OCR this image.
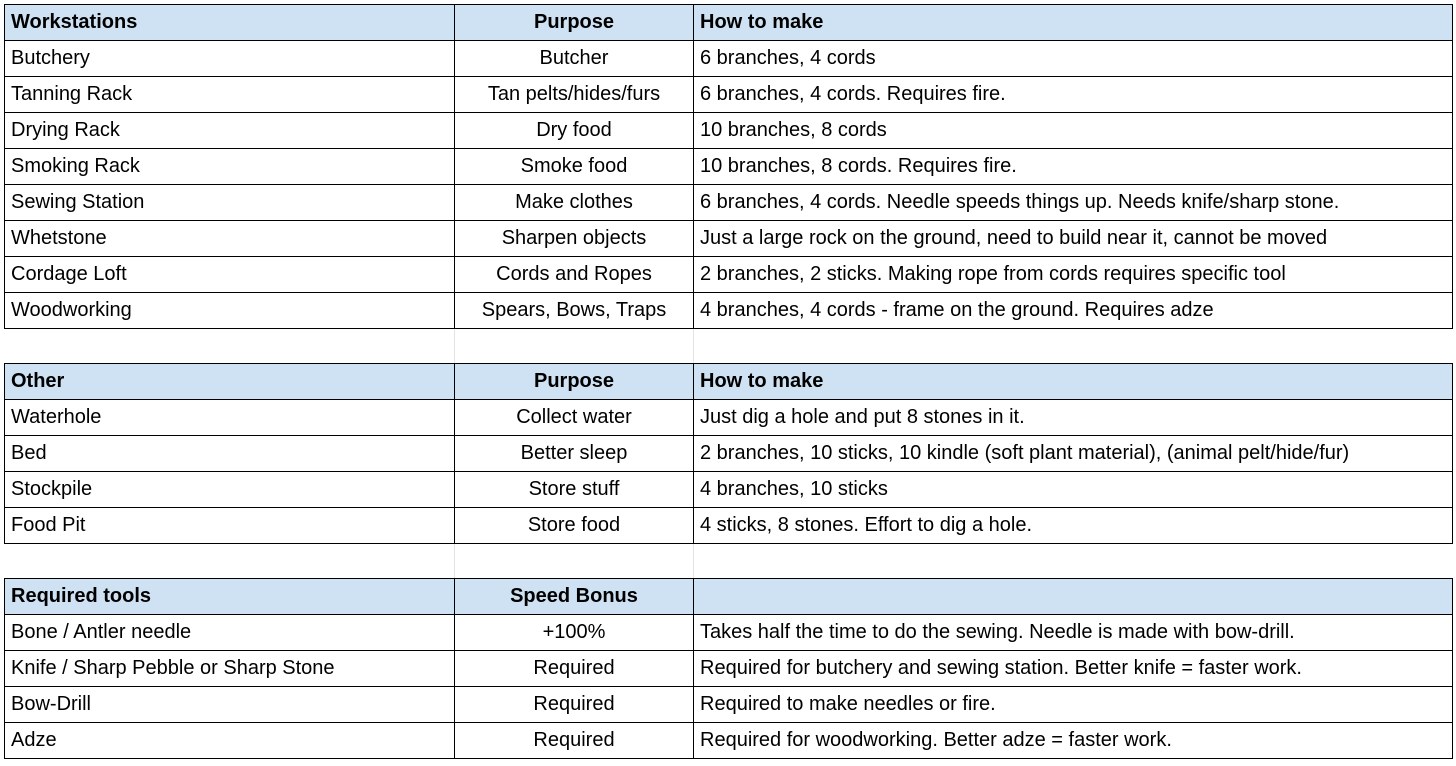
Workstations	Purpose	How to make
Butchery	Butcher	6 branches, 4 cords
Tanning Rack	Tan pelts/hides/furs	6 branches, 4 cords. Requires fire.
Drying Rack	Dry food	10 branches, 8 cords
Smoking Rack	Smoke food	10 branches, 8 cords. Requires fire.
Sewing Station	Make clothes	6 branches, 4 cords. Needle speeds things up. Needs knife/sharp stone.
Whetstone	Sharpen objects	Just a large rock on the ground, need to build near it, cannot be moved
Cordage Loft	Cords and Ropes	2 branches, 2 sticks. Making rope from cords requires specific tool
Woodworking	Spears, Bows, Traps	4 branches, 4 cords - frame on the ground. Requires adze

Other	Purpose	How to make
Waterhole	Collect water	Just dig a hole and put 8 stones in it.
Bed	Better sleep	2 branches, 10 sticks, 10 kindle (soft plant material), (animal pelt/hide/fur)
Stockpile	Store stuff	4 branches, 10 sticks
Food Pit	Store food	4 sticks, 8 stones. Effort to dig a hole.

Required tools	Speed Bonus	
Bone / Antler needle	+100%	Takes half the time to do the sewing. Needle is made with bow-drill.
Knife / Sharp Pebble or Sharp Stone	Required	Required for butchery and sewing station. Better knife = faster work.
Bow-Drill	Required	Required to make needles or fire.
Adze	Required	Required for woodworking. Better adze = faster work.
